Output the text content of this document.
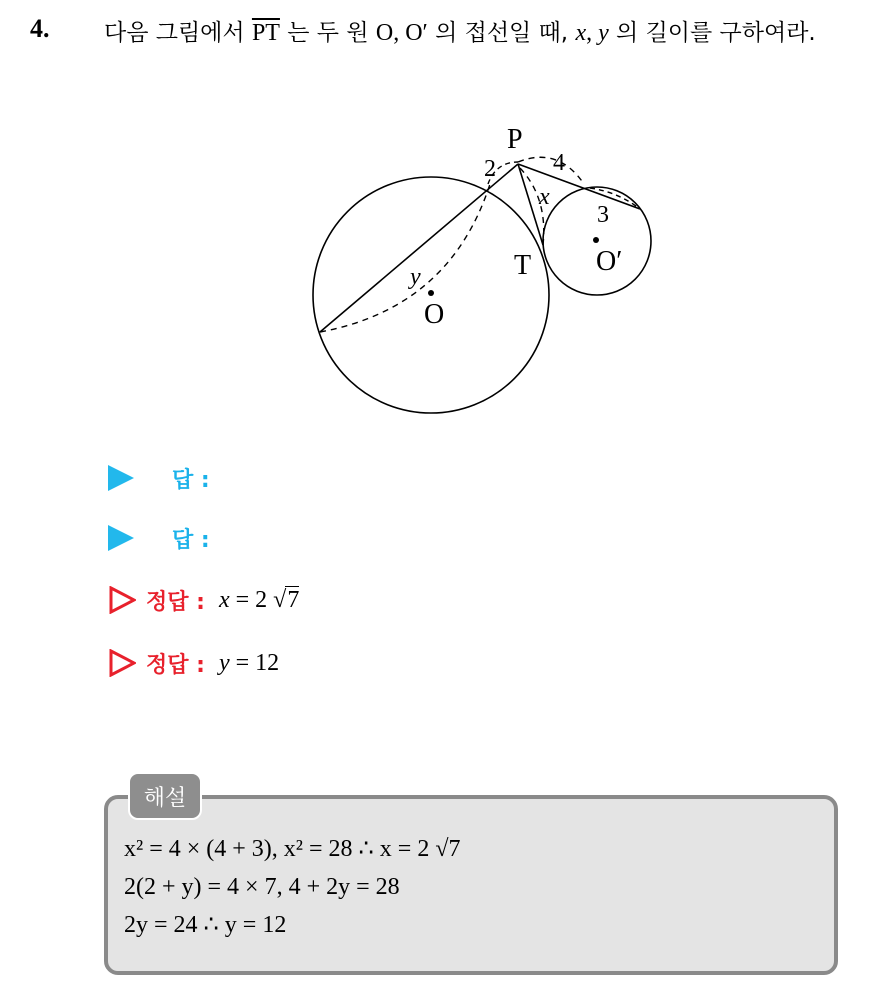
4. 다음 그림에서 $\overline{PT}$ 는 두 원 O, O′ 의 접선일 때, x, y 의 길이를 구하여라.
P
T
O
O′
2 4
3
x
y
답 :
답 :
정답 : x = 2 √7
정답 : y = 12
해설
x² = 4 × (4 + 3), x² = 28 ∴ x = 2 √7
2(2 + y) = 4 × 7, 4 + 2y = 28
2y = 24 ∴ y = 12
